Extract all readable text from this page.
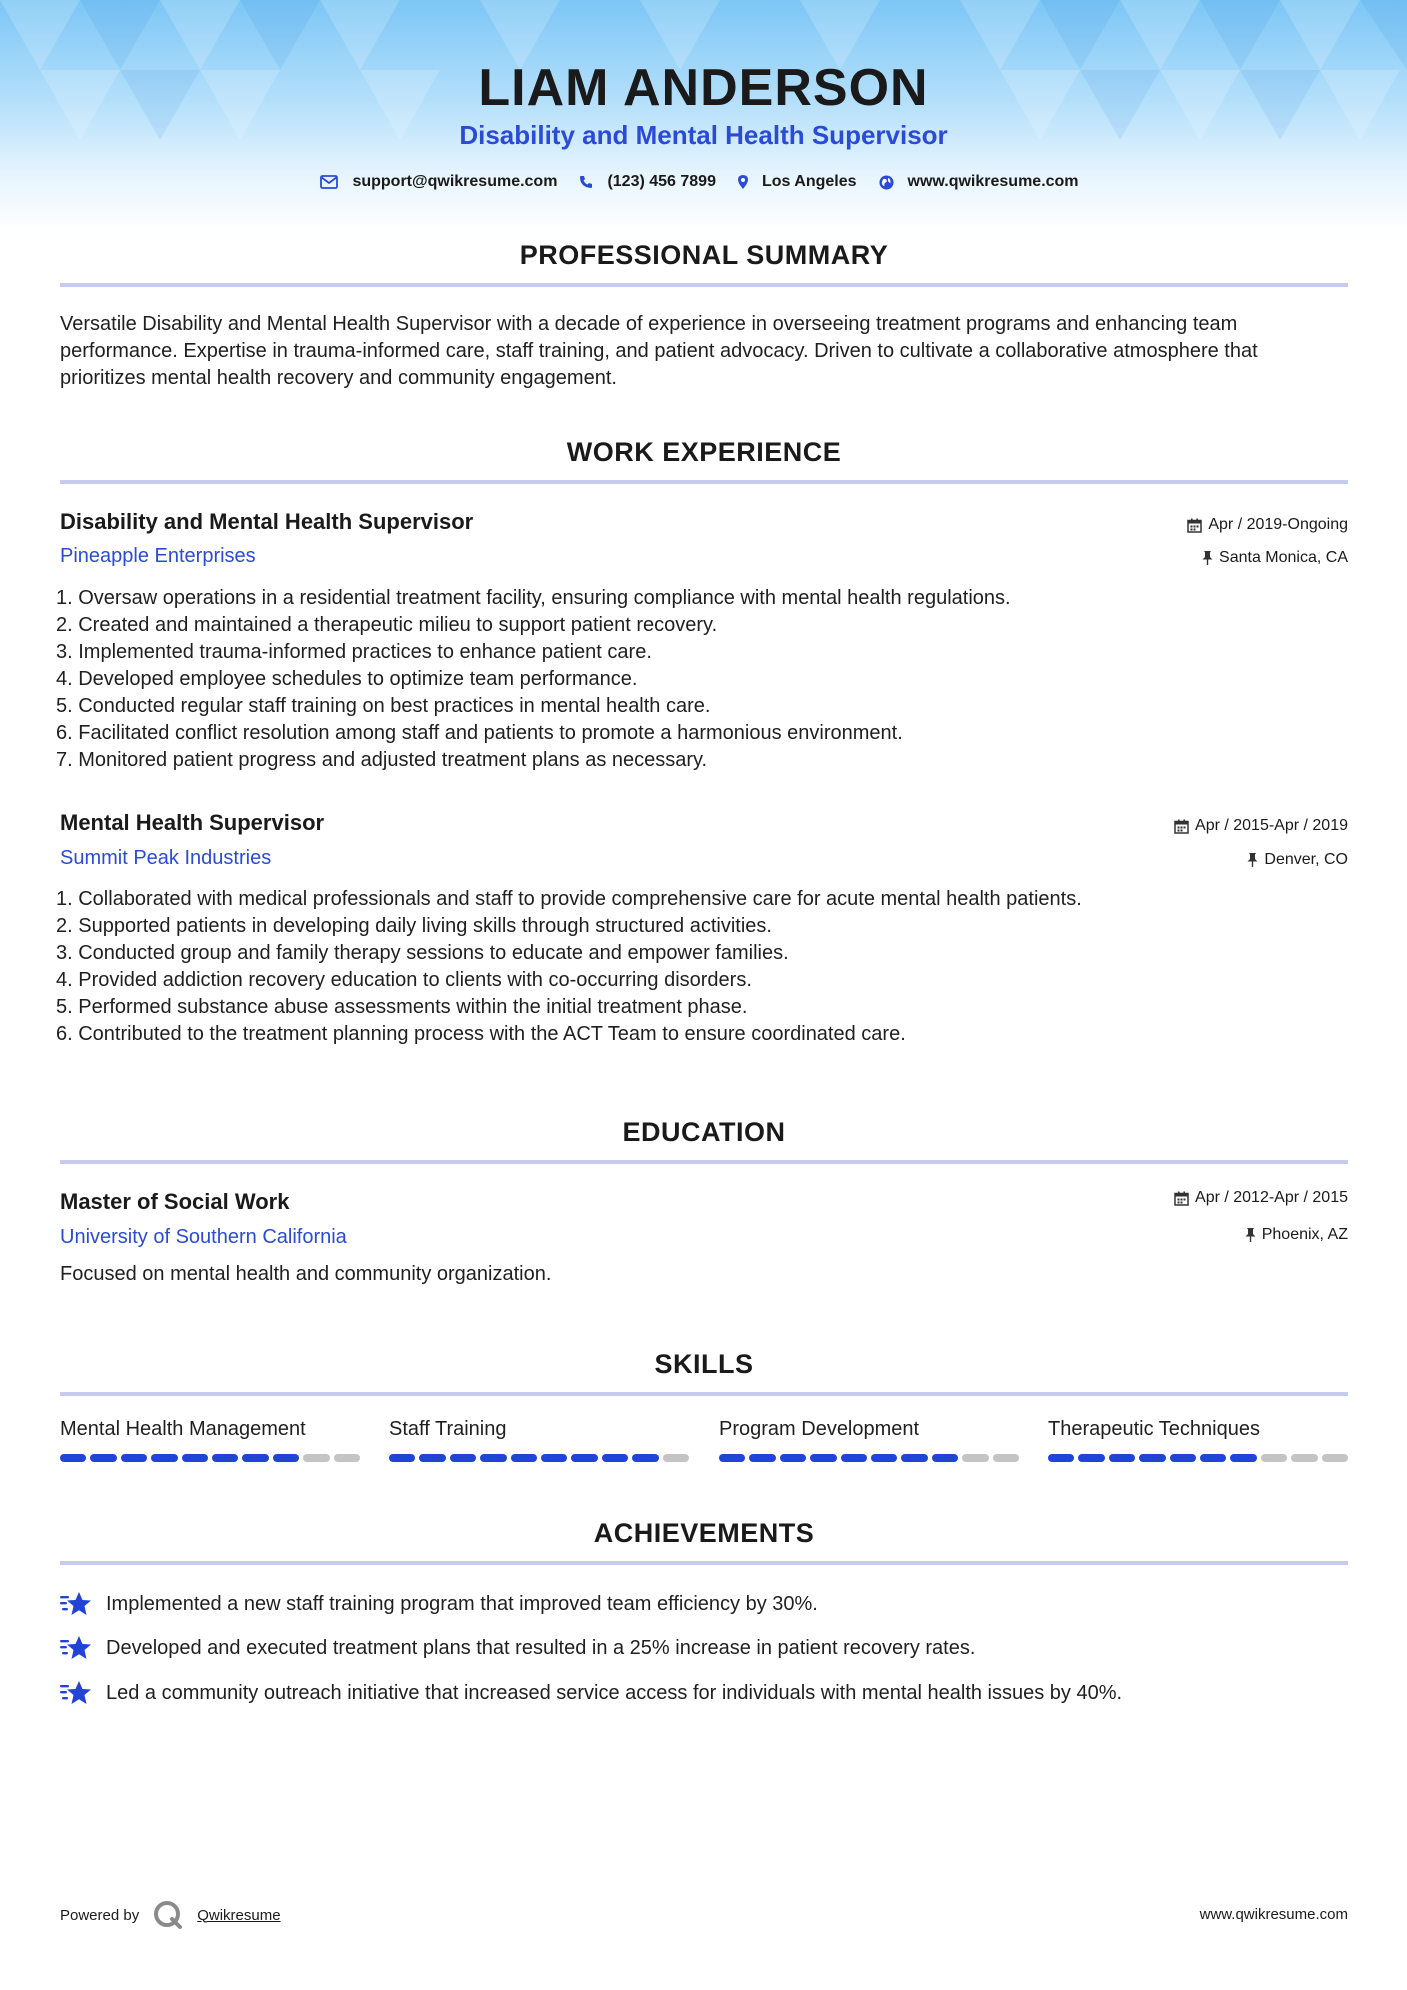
LIAM ANDERSON
Disability and Mental Health Supervisor
support@qwikresume.com	(123) 456 7899	Los Angeles	www.qwikresume.com
PROFESSIONAL SUMMARY
Versatile Disability and Mental Health Supervisor with a decade of experience in overseeing treatment programs and enhancing team performance. Expertise in trauma-informed care, staff training, and patient advocacy. Driven to cultivate a collaborative atmosphere that prioritizes mental health recovery and community engagement.
WORK EXPERIENCE
Disability and Mental Health Supervisor
Pineapple Enterprises
Apr / 2019-Ongoing
Santa Monica, CA
1. Oversaw operations in a residential treatment facility, ensuring compliance with mental health regulations.
2. Created and maintained a therapeutic milieu to support patient recovery.
3. Implemented trauma-informed practices to enhance patient care.
4. Developed employee schedules to optimize team performance.
5. Conducted regular staff training on best practices in mental health care.
6. Facilitated conflict resolution among staff and patients to promote a harmonious environment.
7. Monitored patient progress and adjusted treatment plans as necessary.
Mental Health Supervisor
Summit Peak Industries
Apr / 2015-Apr / 2019
Denver, CO
1. Collaborated with medical professionals and staff to provide comprehensive care for acute mental health patients.
2. Supported patients in developing daily living skills through structured activities.
3. Conducted group and family therapy sessions to educate and empower families.
4. Provided addiction recovery education to clients with co-occurring disorders.
5. Performed substance abuse assessments within the initial treatment phase.
6. Contributed to the treatment planning process with the ACT Team to ensure coordinated care.
EDUCATION
Master of Social Work
University of Southern California
Apr / 2012-Apr / 2015
Phoenix, AZ
Focused on mental health and community organization.
SKILLS
Mental Health Management	Staff Training	Program Development	Therapeutic Techniques
ACHIEVEMENTS
Implemented a new staff training program that improved team efficiency by 30%.
Developed and executed treatment plans that resulted in a 25% increase in patient recovery rates.
Led a community outreach initiative that increased service access for individuals with mental health issues by 40%.
Powered by	Qwikresume	www.qwikresume.com
